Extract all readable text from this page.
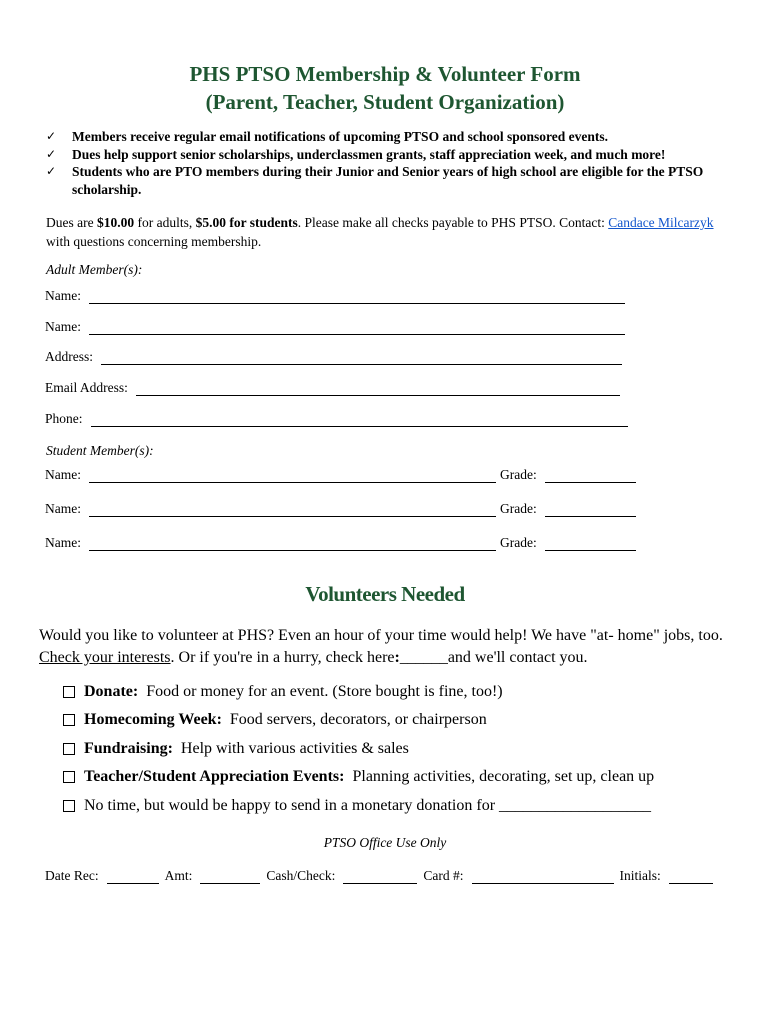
PHS PTSO Membership & Volunteer Form
(Parent, Teacher, Student Organization)
✓	Members receive regular email notifications of upcoming PTSO and school sponsored events.
✓	Dues help support senior scholarships, underclassmen grants, staff appreciation week, and much more!
✓	Students who are PTO members during their Junior and Senior years of high school are eligible for the PTSO scholarship.
Dues are $10.00 for adults, $5.00 for students. Please make all checks payable to PHS PTSO. Contact: Candace Milcarzyk with questions concerning membership.
Adult Member(s):
Name:
Name:
Address:
Email Address:
Phone:
Student Member(s):
Name:	Grade:
Name:	Grade:
Name:	Grade:
Volunteers Needed
Would you like to volunteer at PHS? Even an hour of your time would help! We have "at- home" jobs, too. Check your interests. Or if you're in a hurry, check here:______and we'll contact you.
Donate: Food or money for an event. (Store bought is fine, too!)
Homecoming Week: Food servers, decorators, or chairperson
Fundraising: Help with various activities & sales
Teacher/Student Appreciation Events: Planning activities, decorating, set up, clean up
No time, but would be happy to send in a monetary donation for ___________________
PTSO Office Use Only
Date Rec:	Amt:	Cash/Check:	Card #:	Initials:
